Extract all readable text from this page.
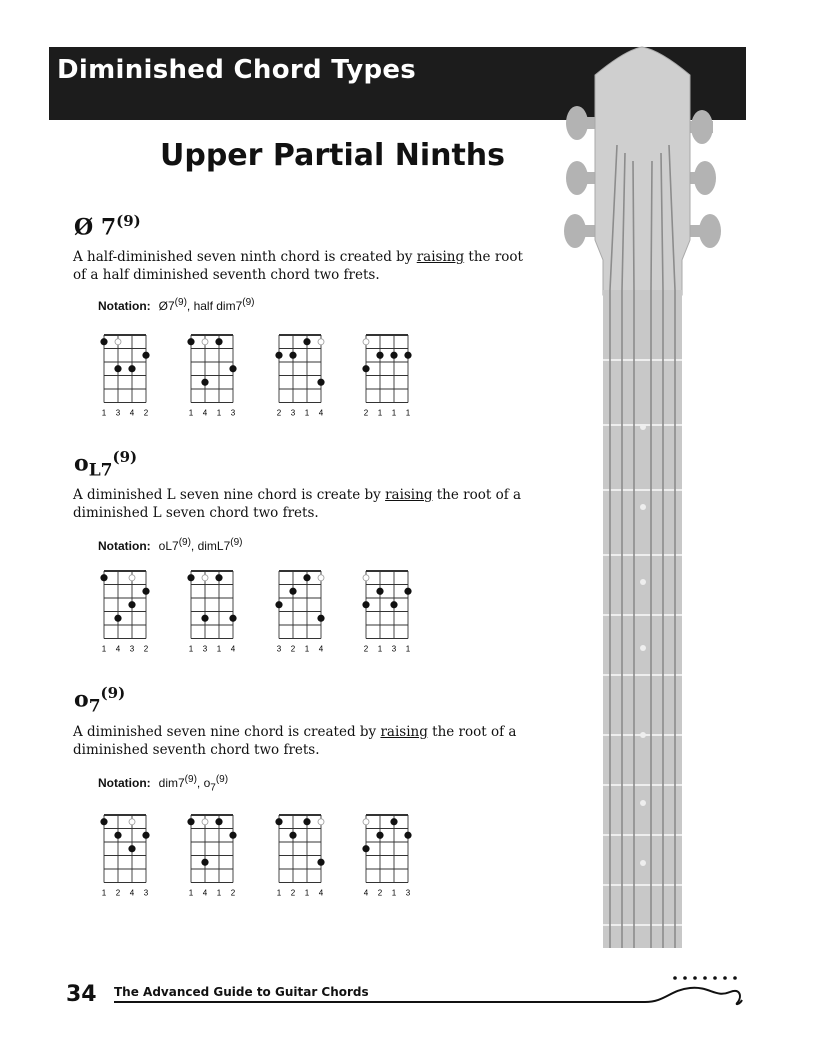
Diminished Chord Types
Upper Partial Ninths
Ø 7$^{(9)}$
A half-diminished seven ninth chord is created by raising the root of a half diminished seventh chord two frets.
Notation: Ø7$^{(9)}$, half dim7$^{(9)}$
1 3 4 2	1 4 1 3	2 3 1 4	2 1 1 1
$o_{L7}^{(9)}$
A diminished L seven nine chord is create by raising the root of a diminished L seven chord two frets.
Notation: oL7$^{(9)}$, dimL7$^{(9)}$
1 4 3 2	1 3 1 4	3 2 1 4	2 1 3 1
$o_7^{(9)}$
A diminished seven nine chord is created by raising the root of a diminished seventh chord two frets.
Notation: dim7$^{(9)}$, $o_7^{(9)}$
1 2 4 3	1 4 1 2	1 2 1 4	4 2 1 3
34 The Advanced Guide to Guitar Chords
